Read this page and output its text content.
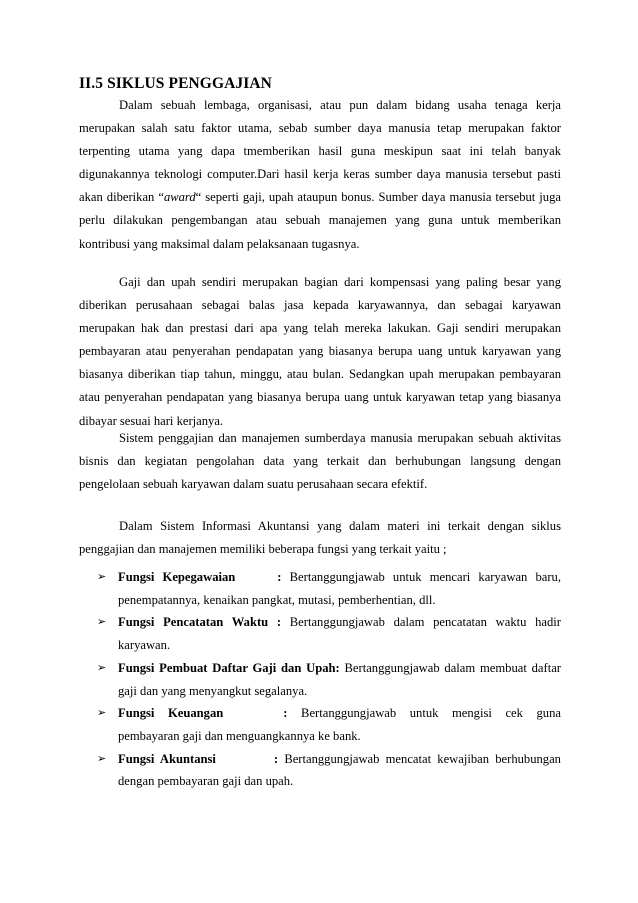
II.5 SIKLUS PENGGAJIAN

Dalam sebuah lembaga, organisasi, atau pun dalam bidang usaha tenaga kerja merupakan salah satu faktor utama, sebab sumber daya manusia tetap merupakan faktor terpenting utama yang dapa tmemberikan hasil guna meskipun saat ini telah banyak digunakannya teknologi computer.Dari hasil kerja keras sumber daya manusia tersebut pasti akan diberikan “award“ seperti gaji, upah ataupun bonus. Sumber daya manusia tersebut juga perlu dilakukan pengembangan atau sebuah manajemen yang guna untuk memberikan kontribusi yang maksimal dalam pelaksanaan tugasnya.

Gaji dan upah sendiri merupakan bagian dari kompensasi yang paling besar yang diberikan perusahaan sebagai balas jasa kepada karyawannya, dan sebagai karyawan merupakan hak dan prestasi dari apa yang telah mereka lakukan. Gaji sendiri merupakan pembayaran atau penyerahan pendapatan yang biasanya berupa uang untuk karyawan yang biasanya diberikan tiap tahun, minggu, atau bulan. Sedangkan upah merupakan pembayaran atau penyerahan pendapatan yang biasanya berupa uang untuk karyawan tetap yang biasanya dibayar sesuai hari kerjanya.

Sistem penggajian dan manajemen sumberdaya manusia merupakan sebuah aktivitas bisnis dan kegiatan pengolahan data yang terkait dan berhubungan langsung dengan pengelolaan sebuah karyawan dalam suatu perusahaan secara efektif.

Dalam Sistem Informasi Akuntansi yang dalam materi ini terkait dengan siklus penggajian dan manajemen memiliki beberapa fungsi yang terkait yaitu ;

➢ Fungsi Kepegawaian	: Bertanggungjawab untuk mencari karyawan baru, penempatannya, kenaikan pangkat, mutasi, pemberhentian, dll.
➢ Fungsi Pencatatan Waktu : Bertanggungjawab dalam pencatatan waktu hadir karyawan.
➢ Fungsi Pembuat Daftar Gaji dan Upah: Bertanggungjawab dalam membuat daftar gaji dan yang menyangkut segalanya.
➢ Fungsi Keuangan	: Bertanggungjawab untuk mengisi cek guna pembayaran gaji dan menguangkannya ke bank.
➢ Fungsi Akuntansi	: Bertanggungjawab mencatat kewajiban berhubungan dengan pembayaran gaji dan upah.
